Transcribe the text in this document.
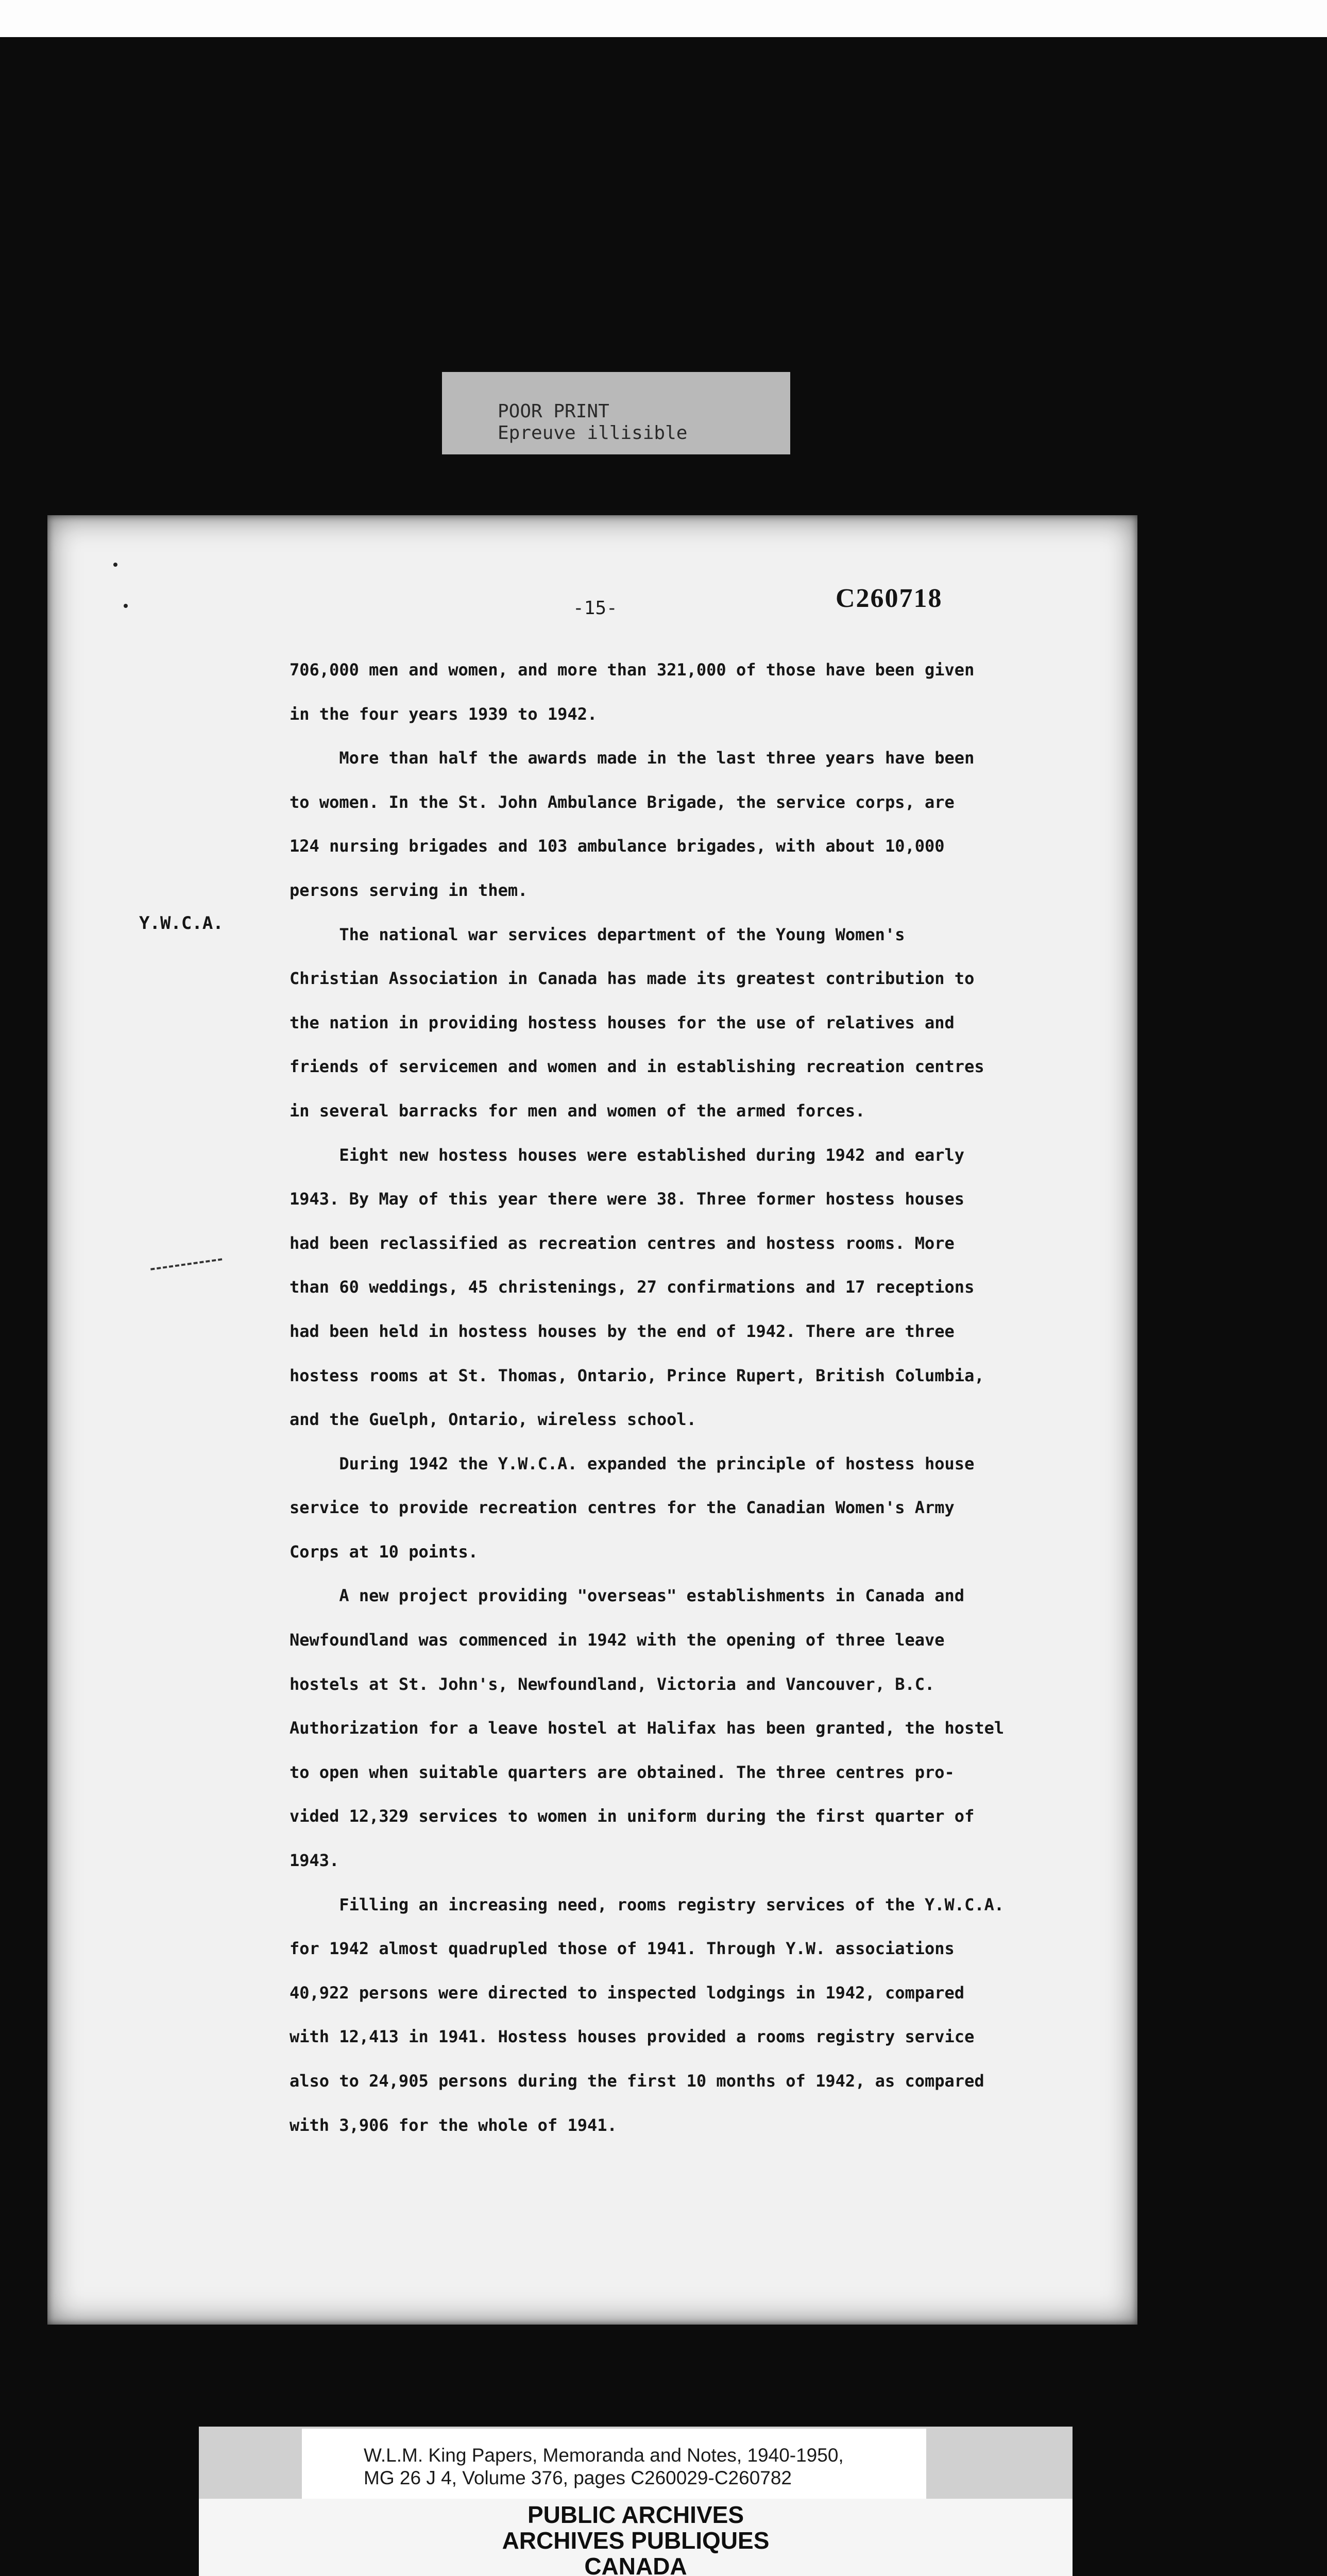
POOR PRINT
Epreuve illisible
-15-	C260718
Y.W.C.A.

706,000 men and women, and more than 321,000 of those have been given

in the four years 1939 to 1942.

More than half the awards made in the last three years have been

to women. In the St. John Ambulance Brigade, the service corps, are

124 nursing brigades and 103 ambulance brigades, with about 10,000

persons serving in them.

The national war services department of the Young Women's

Christian Association in Canada has made its greatest contribution to

the nation in providing hostess houses for the use of relatives and

friends of servicemen and women and in establishing recreation centres

in several barracks for men and women of the armed forces.

Eight new hostess houses were established during 1942 and early

1943. By May of this year there were 38. Three former hostess houses

had been reclassified as recreation centres and hostess rooms. More

than 60 weddings, 45 christenings, 27 confirmations and 17 receptions

had been held in hostess houses by the end of 1942. There are three

hostess rooms at St. Thomas, Ontario, Prince Rupert, British Columbia,

and the Guelph, Ontario, wireless school.

During 1942 the Y.W.C.A. expanded the principle of hostess house

service to provide recreation centres for the Canadian Women's Army

Corps at 10 points.

A new project providing "overseas" establishments in Canada and

Newfoundland was commenced in 1942 with the opening of three leave

hostels at St. John's, Newfoundland, Victoria and Vancouver, B.C.

Authorization for a leave hostel at Halifax has been granted, the hostel

to open when suitable quarters are obtained. The three centres pro-

vided 12,329 services to women in uniform during the first quarter of

1943.

Filling an increasing need, rooms registry services of the Y.W.C.A.

for 1942 almost quadrupled those of 1941. Through Y.W. associations

40,922 persons were directed to inspected lodgings in 1942, compared

with 12,413 in 1941. Hostess houses provided a rooms registry service

also to 24,905 persons during the first 10 months of 1942, as compared

with 3,906 for the whole of 1941.

W.L.M. King Papers, Memoranda and Notes, 1940-1950,
MG 26 J 4, Volume 376, pages C260029-C260782
PUBLIC ARCHIVES
ARCHIVES PUBLIQUES
CANADA
